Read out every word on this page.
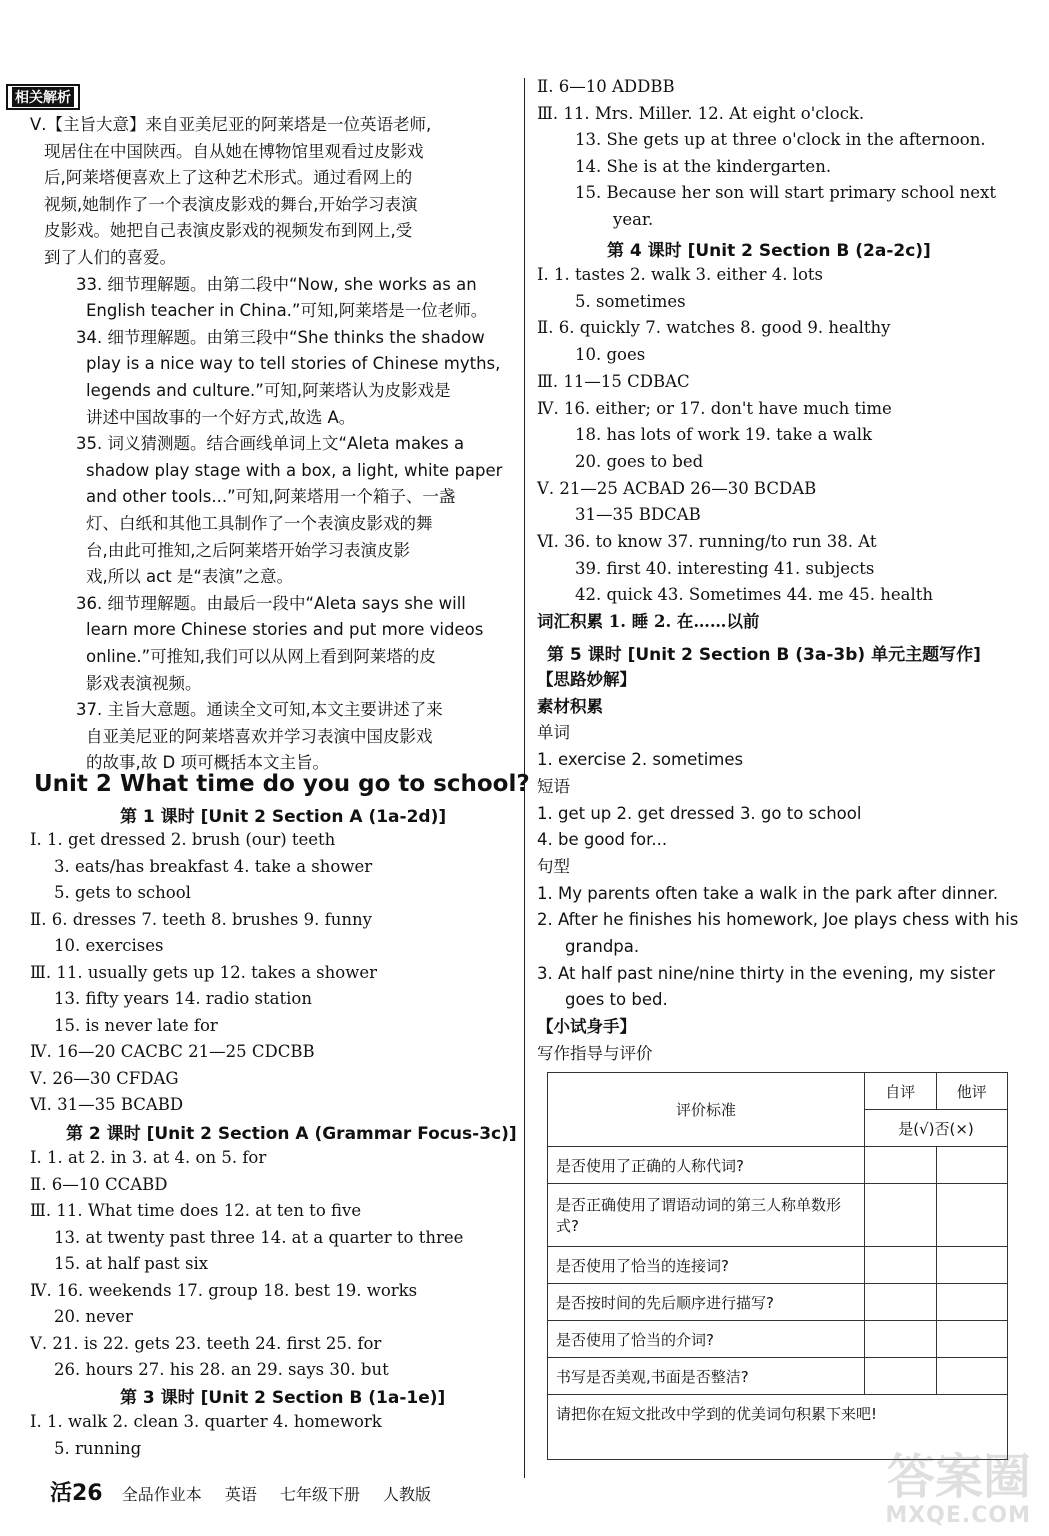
相关解析
Ⅴ.【主旨大意】来自亚美尼亚的阿莱塔是一位英语老师,
现居住在中国陕西。自从她在博物馆里观看过皮影戏
后,阿莱塔便喜欢上了这种艺术形式。通过看网上的
视频,她制作了一个表演皮影戏的舞台,开始学习表演
皮影戏。她把自己表演皮影戏的视频发布到网上,受
到了人们的喜爱。
33. 细节理解题。由第二段中“Now, she works as an
English teacher in China.”可知,阿莱塔是一位老师。
34. 细节理解题。由第三段中“She thinks the shadow
play is a nice way to tell stories of Chinese myths,
legends and culture.”可知,阿莱塔认为皮影戏是
讲述中国故事的一个好方式,故选 A。
35. 词义猜测题。结合画线单词上文“Aleta makes a
shadow play stage with a box, a light, white paper
and other tools...”可知,阿莱塔用一个箱子、一盏
灯、白纸和其他工具制作了一个表演皮影戏的舞
台,由此可推知,之后阿莱塔开始学习表演皮影
戏,所以 act 是“表演”之意。
36. 细节理解题。由最后一段中“Aleta says she will
learn more Chinese stories and put more videos
online.”可推知,我们可以从网上看到阿莱塔的皮
影戏表演视频。
37. 主旨大意题。通读全文可知,本文主要讲述了来
自亚美尼亚的阿莱塔喜欢并学习表演中国皮影戏
的故事,故 D 项可概括本文主旨。
第 1 课时 [Unit 2 Section A (1a-2d)]
Ⅰ. 1. get dressed 2. brush (our) teeth
3. eats/has breakfast 4. take a shower
5. gets to school
Ⅱ. 6. dresses 7. teeth 8. brushes 9. funny
10. exercises
Ⅲ. 11. usually gets up 12. takes a shower
13. fifty years 14. radio station
15. is never late for
Ⅳ. 16—20 CACBC 21—25 CDCBB
Ⅴ. 26—30 CFDAG
Ⅵ. 31—35 BCABD
第 2 课时 [Unit 2 Section A (Grammar Focus-3c)]
Ⅰ. 1. at 2. in 3. at 4. on 5. for
Ⅱ. 6—10 CCABD
Ⅲ. 11. What time does 12. at ten to five
13. at twenty past three 14. at a quarter to three
15. at half past six
Ⅳ. 16. weekends 17. group 18. best 19. works
20. never
Ⅴ. 21. is 22. gets 23. teeth 24. first 25. for
26. hours 27. his 28. an 29. says 30. but
第 3 课时 [Unit 2 Section B (1a-1e)]
Ⅰ. 1. walk 2. clean 3. quarter 4. homework
5. running
Unit 2 What time do you go to school?
Ⅱ. 6—10 ADDBB
Ⅲ. 11. Mrs. Miller. 12. At eight o'clock.
13. She gets up at three o'clock in the afternoon.
14. She is at the kindergarten.
15. Because her son will start primary school next
year.
第 4 课时 [Unit 2 Section B (2a-2c)]
Ⅰ. 1. tastes 2. walk 3. either 4. lots
5. sometimes
Ⅱ. 6. quickly 7. watches 8. good 9. healthy
10. goes
Ⅲ. 11—15 CDBAC
Ⅳ. 16. either; or 17. don't have much time
18. has lots of work 19. take a walk
20. goes to bed
Ⅴ. 21—25 ACBAD 26—30 BCDAB
31—35 BDCAB
Ⅵ. 36. to know 37. running/to run 38. At
39. first 40. interesting 41. subjects
42. quick 43. Sometimes 44. me 45. health
词汇积累 1. 睡 2. 在……以前
第 5 课时 [Unit 2 Section B (3a-3b) 单元主题写作]
【思路妙解】
素材积累
单词
1. exercise 2. sometimes
短语
1. get up 2. get dressed 3. go to school
4. be good for...
句型
1. My parents often take a walk in the park after dinner.
2. After he finishes his homework, Joe plays chess with his
grandpa.
3. At half past nine/nine thirty in the evening, my sister
goes to bed.
【小试身手】
写作指导与评价
评价标准	自评	他评
	是(√)否(×)	
是否使用了正确的人称代词?		
是否正确使用了谓语动词的第三人称单数形式?		
是否使用了恰当的连接词?		
是否按时间的先后顺序进行描写?		
是否使用了恰当的介词?		
书写是否美观,书面是否整洁?		
请把你在短文批改中学到的优美词句积累下来吧!		
活26 全品作业本 英语 七年级下册 人教版	答案圈
MXQE.COM
